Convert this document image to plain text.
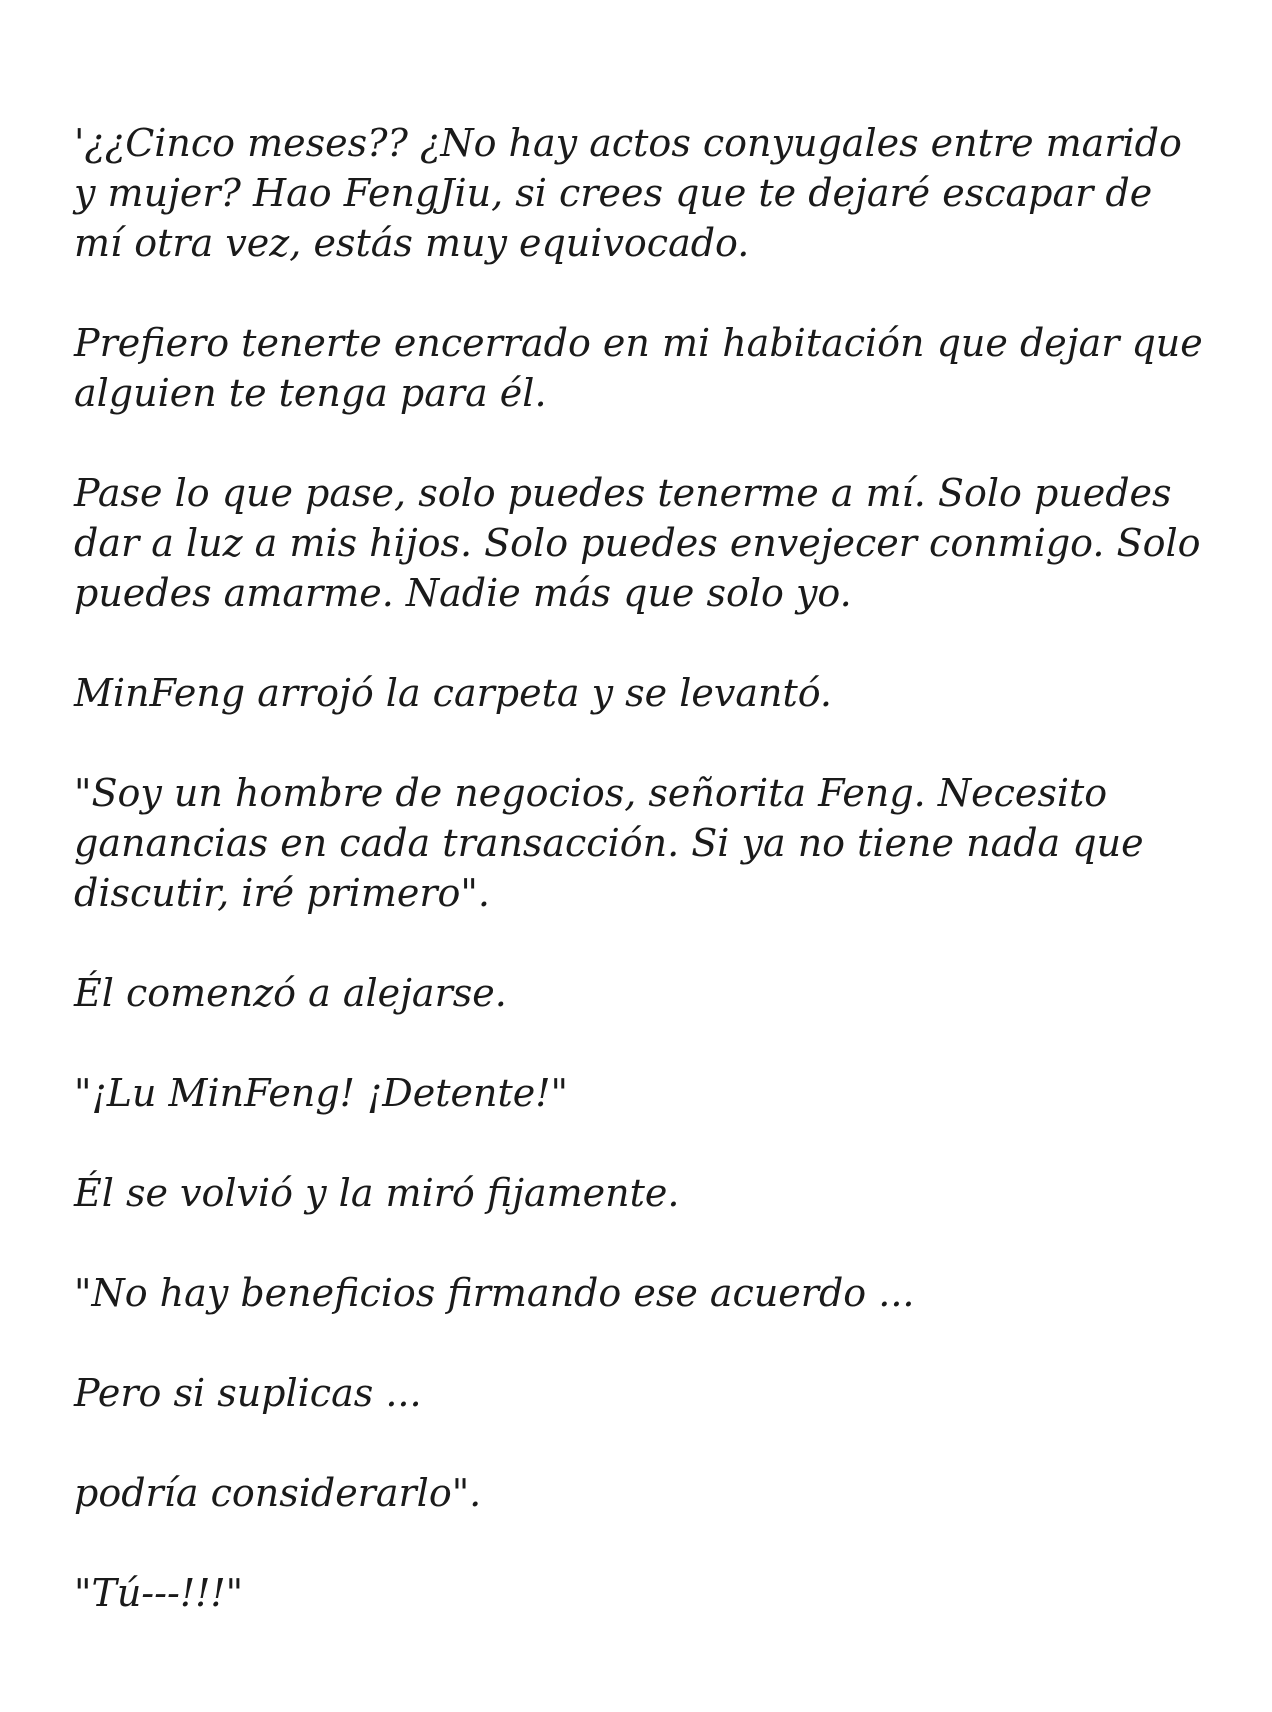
'¿¿Cinco meses?? ¿No hay actos conyugales entre marido y mujer? Hao FengJiu, si crees que te dejaré escapar de mí otra vez, estás muy equivocado.

Prefiero tenerte encerrado en mi habitación que dejar que alguien te tenga para él.

Pase lo que pase, solo puedes tenerme a mí. Solo puedes dar a luz a mis hijos. Solo puedes envejecer conmigo. Solo puedes amarme. Nadie más que solo yo.

MinFeng arrojó la carpeta y se levantó.

"Soy un hombre de negocios, señorita Feng. Necesito ganancias en cada transacción. Si ya no tiene nada que discutir, iré primero".

Él comenzó a alejarse.

"¡Lu MinFeng! ¡Detente!"

Él se volvió y la miró fijamente.

"No hay beneficios firmando ese acuerdo ...

Pero si suplicas ...

podría considerarlo".

"Tú---!!!"
